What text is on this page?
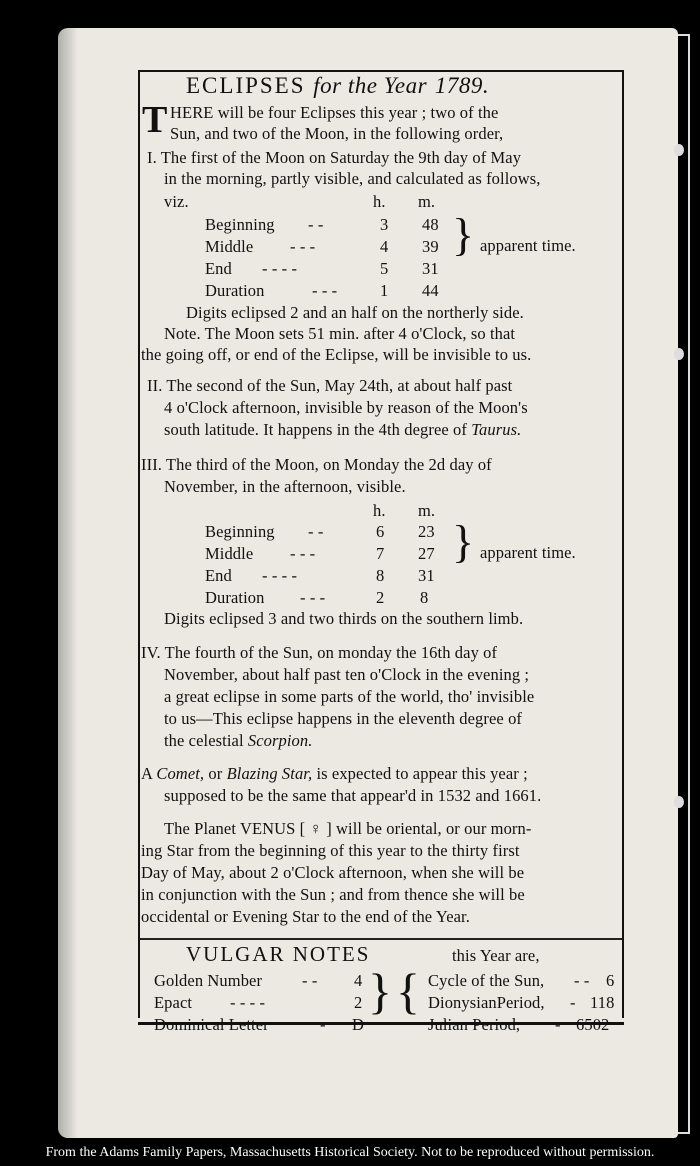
ECLIPSES for the Year 1789.
T HERE will be four Eclipses this year ; two of the
Sun, and two of the Moon, in the following order,
I. The first of the Moon on Saturday the 9th day of May
in the morning, partly visible, and calculated as follows,
viz.	h. m.
Beginning - -	3 48
Middle - - -	4 39
End - - - -	5 31
Duration	- - -	1 44
} apparent time.
Digits eclipsed 2 and an half on the northerly side.
Note. The Moon sets 51 min. after 4 o'Clock, so that
the going off, or end of the Eclipse, will be invisible to us.
II. The second of the Sun, May 24th, at about half past
4 o'Clock afternoon, invisible by reason of the Moon's
south latitude. It happens in the 4th degree of Taurus.
III. The third of the Moon, on Monday the 2d day of
November, in the afternoon, visible.
h. m.
Beginning - -	6 23
Middle - - -	7 27
End - - - -	8 31
Duration - - -	2 8
} apparent time.
Digits eclipsed 3 and two thirds on the southern limb.
IV. The fourth of the Sun, on monday the 16th day of
November, about half past ten o'Clock in the evening ;
a great eclipse in some parts of the world, tho' invisible
to us—This eclipse happens in the eleventh degree of
the celestial Scorpion.
A Comet, or Blazing Star, is expected to appear this year ;
supposed to be the same that appear'd in 1532 and 1661.
The Planet VENUS [ ♀ ] will be oriental, or our morn-
ing Star from the beginning of this year to the thirty first
Day of May, about 2 o'Clock afternoon, when she will be
in conjunction with the Sun ; and from thence she will be
occidental or Evening Star to the end of the Year.
VULGAR NOTES	this Year are,
Golden Number - - 4
Epact - - - -	2
Dominical Letter	- D
} { Cycle of the Sun, - - 6
DionysianPeriod, - 118
Julian Period, - 6502
From the Adams Family Papers, Massachusetts Historical Society. Not to be reproduced without permission.
